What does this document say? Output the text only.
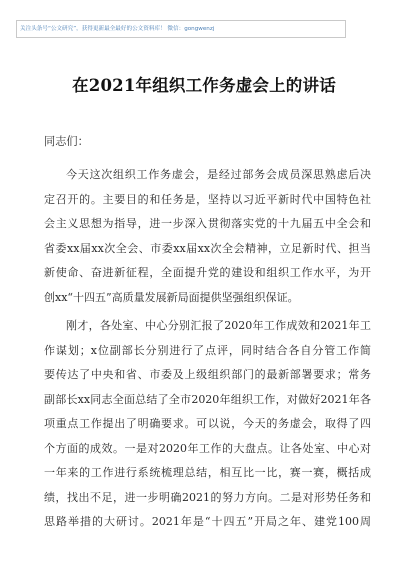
关注头条号“公文研究”，获得更新最全最好的公文资料库！ 微信：gongwenzj
在2021年组织工作务虚会上的讲话
同志们：
今天这次组织工作务虚会，是经过部务会成员深思熟虑后决
定召开的。主要目的和任务是，坚持以习近平新时代中国特色社
会主义思想为指导，进一步深入贯彻落实党的十九届五中全会和
省委xx届xx次全会、市委xx届xx次全会精神，立足新时代、担当
新使命、奋进新征程，全面提升党的建设和组织工作水平，为开
创xx“十四五”高质量发展新局面提供坚强组织保证。
刚才，各处室、中心分别汇报了2020年工作成效和2021年工
作谋划；x位副部长分别进行了点评，同时结合各自分管工作简
要传达了中央和省、市委及上级组织部门的最新部署要求；常务
副部长xx同志全面总结了全市2020年组织工作，对做好2021年各
项重点工作提出了明确要求。可以说，今天的务虚会，取得了四
个方面的成效。一是对2020年工作的大盘点。让各处室、中心对
一年来的工作进行系统梳理总结，相互比一比，赛一赛，概括成
绩，找出不足，进一步明确2021的努力方向。二是对形势任务和
思路举措的大研讨。2021年是“十四五”开局之年、建党100周
